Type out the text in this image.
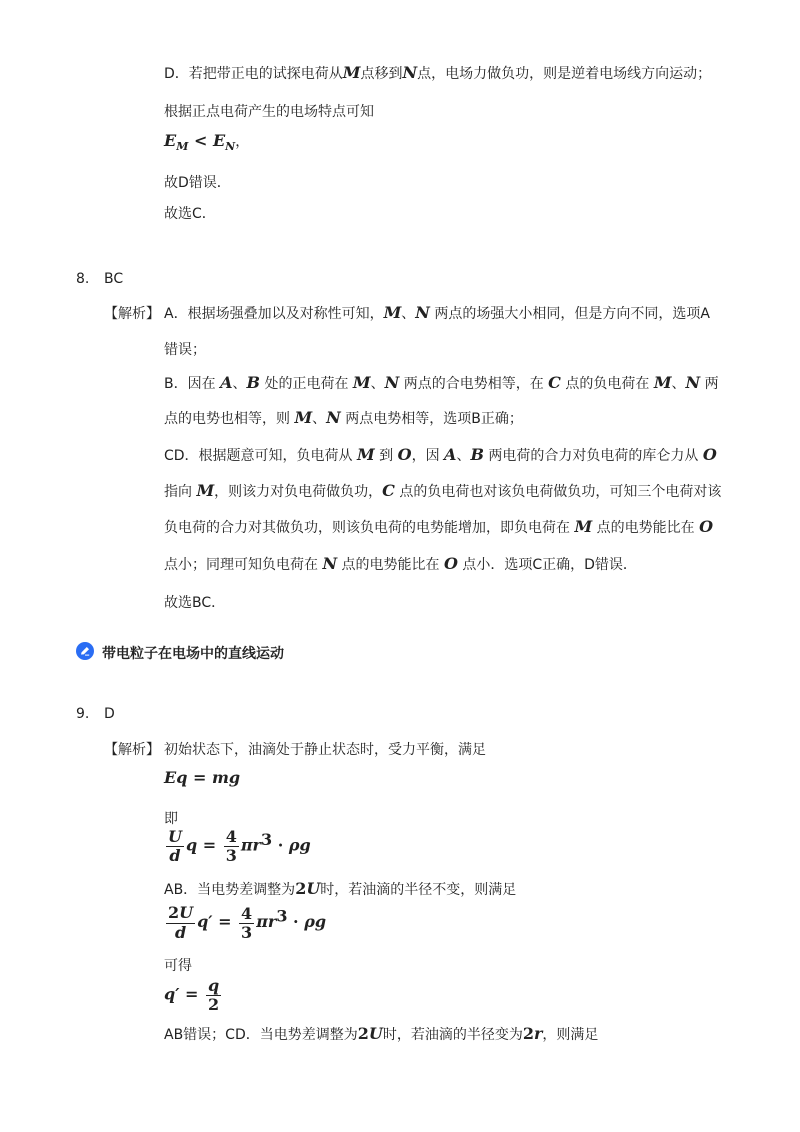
D．若把带正电的试探电荷从M点移到N点，电场力做负功，则是逆着电场线方向运动；
根据正点电荷产生的电场特点可知
$E_M < E_N$，
故D错误．
故选C．
8. BC
【解析】 A．根据场强叠加以及对称性可知，M、N 两点的场强大小相同，但是方向不同，选项A
错误；
B．因在 A、B 处的正电荷在 M、N 两点的合电势相等，在 C 点的负电荷在 M、N 两
点的电势也相等，则 M、N 两点电势相等，选项B正确；
CD．根据题意可知，负电荷从 M 到 O，因 A、B 两电荷的合力对负电荷的库仑力从 O
指向 M，则该力对负电荷做负功，C 点的负电荷也对该负电荷做负功，可知三个电荷对该
负电荷的合力对其做负功，则该负电荷的电势能增加，即负电荷在 M 点的电势能比在 O
点小；同理可知负电荷在 N 点的电势能比在 O 点小．选项C正确，D错误．
故选BC．
带电粒子在电场中的直线运动
9. D
【解析】 初始状态下，油滴处于静止状态时，受力平衡，满足
Eq = mg
即
$\frac{U}{d}$ $q = \frac{4}{3} \pi r^3 \cdot \rho g$
AB．当电势差调整为2U时，若油滴的半径不变，则满足
$\frac{2U}{d} q' = \frac{4}{3} \pi r^3 \cdot \rho g$
可得
$q' = \frac{q}{2}$
AB错误；CD．当电势差调整为2U时，若油滴的半径变为2r，则满足
